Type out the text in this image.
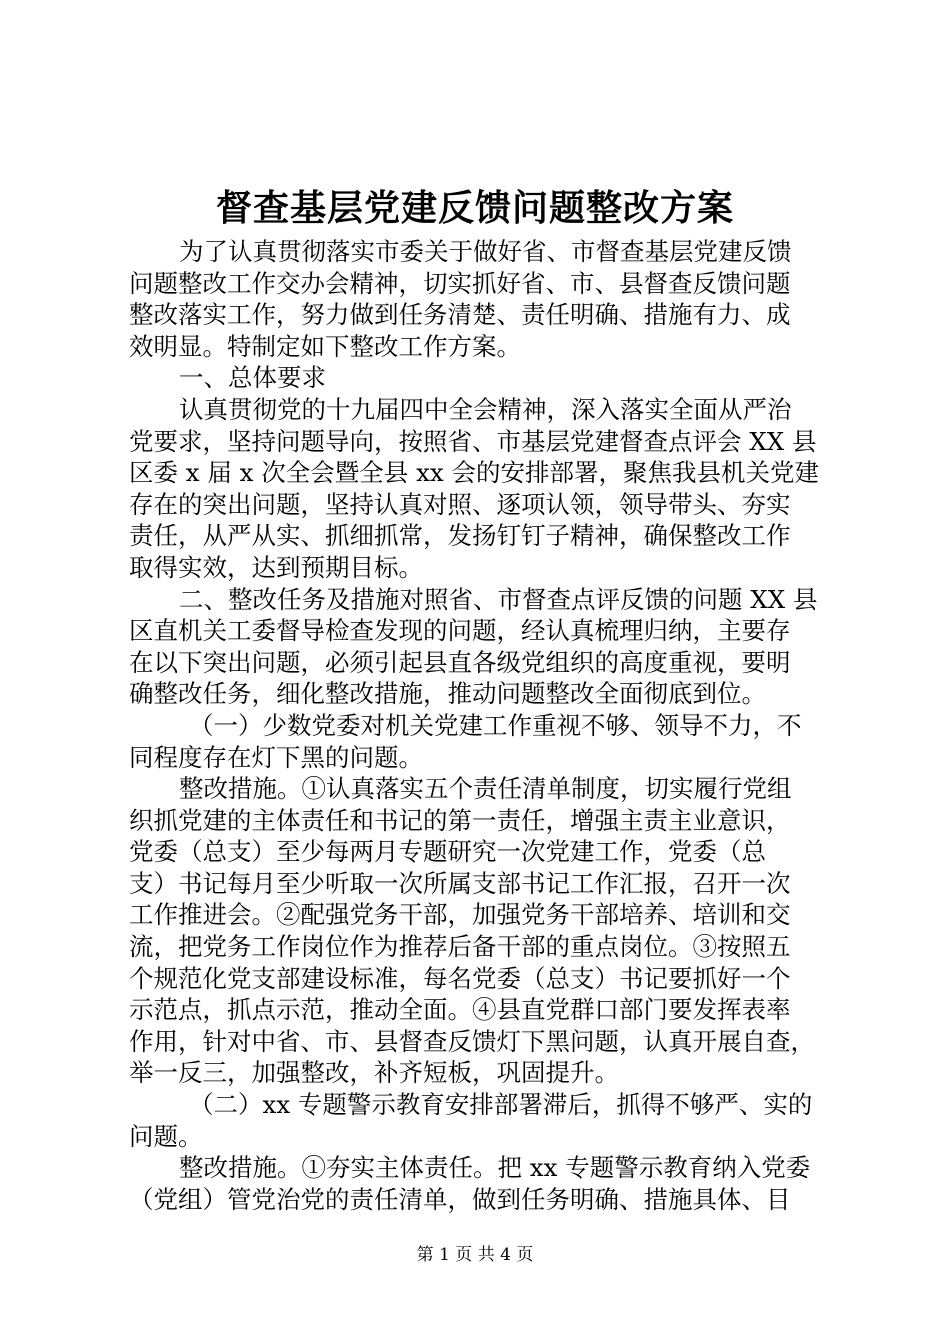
督查基层党建反馈问题整改方案
为了认真贯彻落实市委关于做好省、市督查基层党建反馈
问题整改工作交办会精神，切实抓好省、市、县督查反馈问题
整改落实工作，努力做到任务清楚、责任明确、措施有力、成
效明显。特制定如下整改工作方案。
一、总体要求
认真贯彻党的十九届四中全会精神，深入落实全面从严治
党要求，坚持问题导向，按照省、市基层党建督查点评会 XX 县
区委 x 届 x 次全会暨全县 xx 会的安排部署，聚焦我县机关党建
存在的突出问题，坚持认真对照、逐项认领，领导带头、夯实
责任，从严从实、抓细抓常，发扬钉钉子精神，确保整改工作
取得实效，达到预期目标。
二、整改任务及措施对照省、市督查点评反馈的问题 XX 县
区直机关工委督导检查发现的问题，经认真梳理归纳，主要存
在以下突出问题，必须引起县直各级党组织的高度重视，要明
确整改任务，细化整改措施，推动问题整改全面彻底到位。
（一）少数党委对机关党建工作重视不够、领导不力，不
同程度存在灯下黑的问题。
整改措施。①认真落实五个责任清单制度，切实履行党组
织抓党建的主体责任和书记的第一责任，增强主责主业意识，
党委（总支）至少每两月专题研究一次党建工作，党委（总
支）书记每月至少听取一次所属支部书记工作汇报，召开一次
工作推进会。②配强党务干部，加强党务干部培养、培训和交
流，把党务工作岗位作为推荐后备干部的重点岗位。③按照五
个规范化党支部建设标准，每名党委（总支）书记要抓好一个
示范点，抓点示范，推动全面。④县直党群口部门要发挥表率
作用，针对中省、市、县督查反馈灯下黑问题，认真开展自查，
举一反三，加强整改，补齐短板，巩固提升。
（二）xx 专题警示教育安排部署滞后，抓得不够严、实的
问题。
整改措施。①夯实主体责任。把 xx 专题警示教育纳入党委
（党组）管党治党的责任清单，做到任务明确、措施具体、目
第 1 页 共 4 页
